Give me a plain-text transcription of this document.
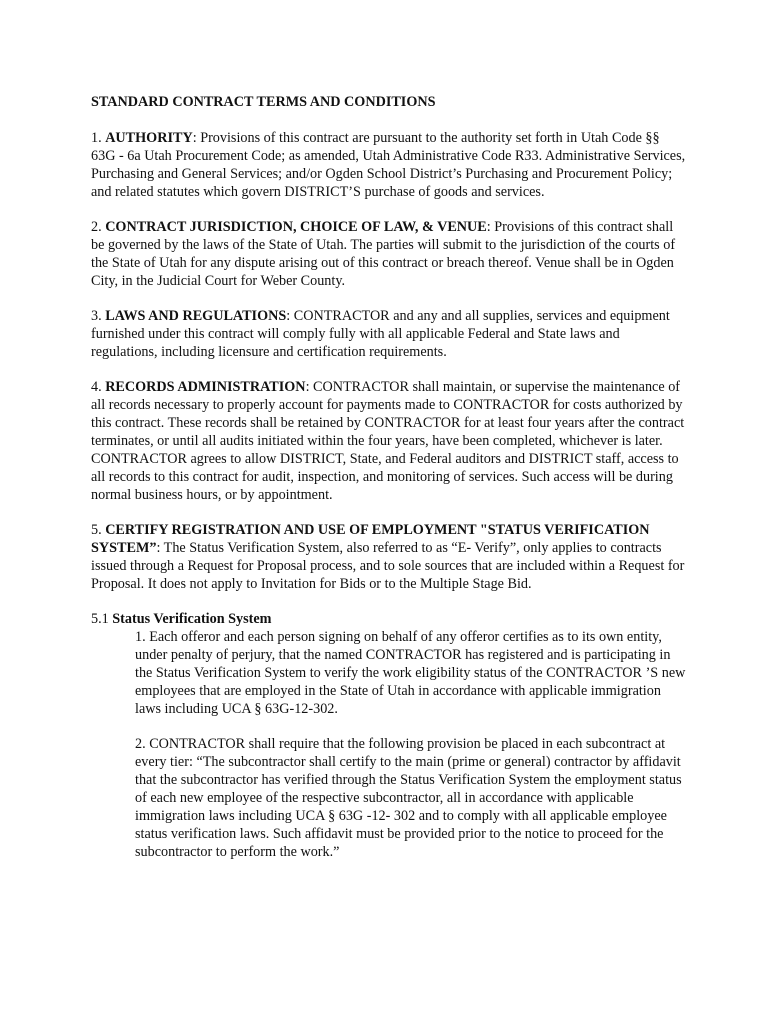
STANDARD CONTRACT TERMS AND CONDITIONS

1. AUTHORITY: Provisions of this contract are pursuant to the authority set forth in Utah Code §§ 63G - 6a Utah Procurement Code; as amended, Utah Administrative Code R33. Administrative Services, Purchasing and General Services; and/or Ogden School District’s Purchasing and Procurement Policy; and related statutes which govern DISTRICT’S purchase of goods and services.

2. CONTRACT JURISDICTION, CHOICE OF LAW, & VENUE: Provisions of this contract shall be governed by the laws of the State of Utah. The parties will submit to the jurisdiction of the courts of the State of Utah for any dispute arising out of this contract or breach thereof. Venue shall be in Ogden City, in the Judicial Court for Weber County.

3. LAWS AND REGULATIONS: CONTRACTOR and any and all supplies, services and equipment furnished under this contract will comply fully with all applicable Federal and State laws and regulations, including licensure and certification requirements.

4. RECORDS ADMINISTRATION: CONTRACTOR shall maintain, or supervise the maintenance of all records necessary to properly account for payments made to CONTRACTOR for costs authorized by this contract. These records shall be retained by CONTRACTOR for at least four years after the contract terminates, or until all audits initiated within the four years, have been completed, whichever is later. CONTRACTOR agrees to allow DISTRICT, State, and Federal auditors and DISTRICT staff, access to all records to this contract for audit, inspection, and monitoring of services. Such access will be during normal business hours, or by appointment.

5. CERTIFY REGISTRATION AND USE OF EMPLOYMENT "STATUS VERIFICATION SYSTEM”: The Status Verification System, also referred to as “E- Verify”, only applies to contracts issued through a Request for Proposal process, and to sole sources that are included within a Request for Proposal. It does not apply to Invitation for Bids or to the Multiple Stage Bid.

5.1 Status Verification System

1. Each offeror and each person signing on behalf of any offeror certifies as to its own entity, under penalty of perjury, that the named CONTRACTOR has registered and is participating in the Status Verification System to verify the work eligibility status of the CONTRACTOR ’S new employees that are employed in the State of Utah in accordance with applicable immigration laws including UCA § 63G-12-302.

2. CONTRACTOR shall require that the following provision be placed in each subcontract at every tier: “The subcontractor shall certify to the main (prime or general) contractor by affidavit that the subcontractor has verified through the Status Verification System the employment status of each new employee of the respective subcontractor, all in accordance with applicable immigration laws including UCA § 63G -12- 302 and to comply with all applicable employee status verification laws. Such affidavit must be provided prior to the notice to proceed for the subcontractor to perform the work.”
